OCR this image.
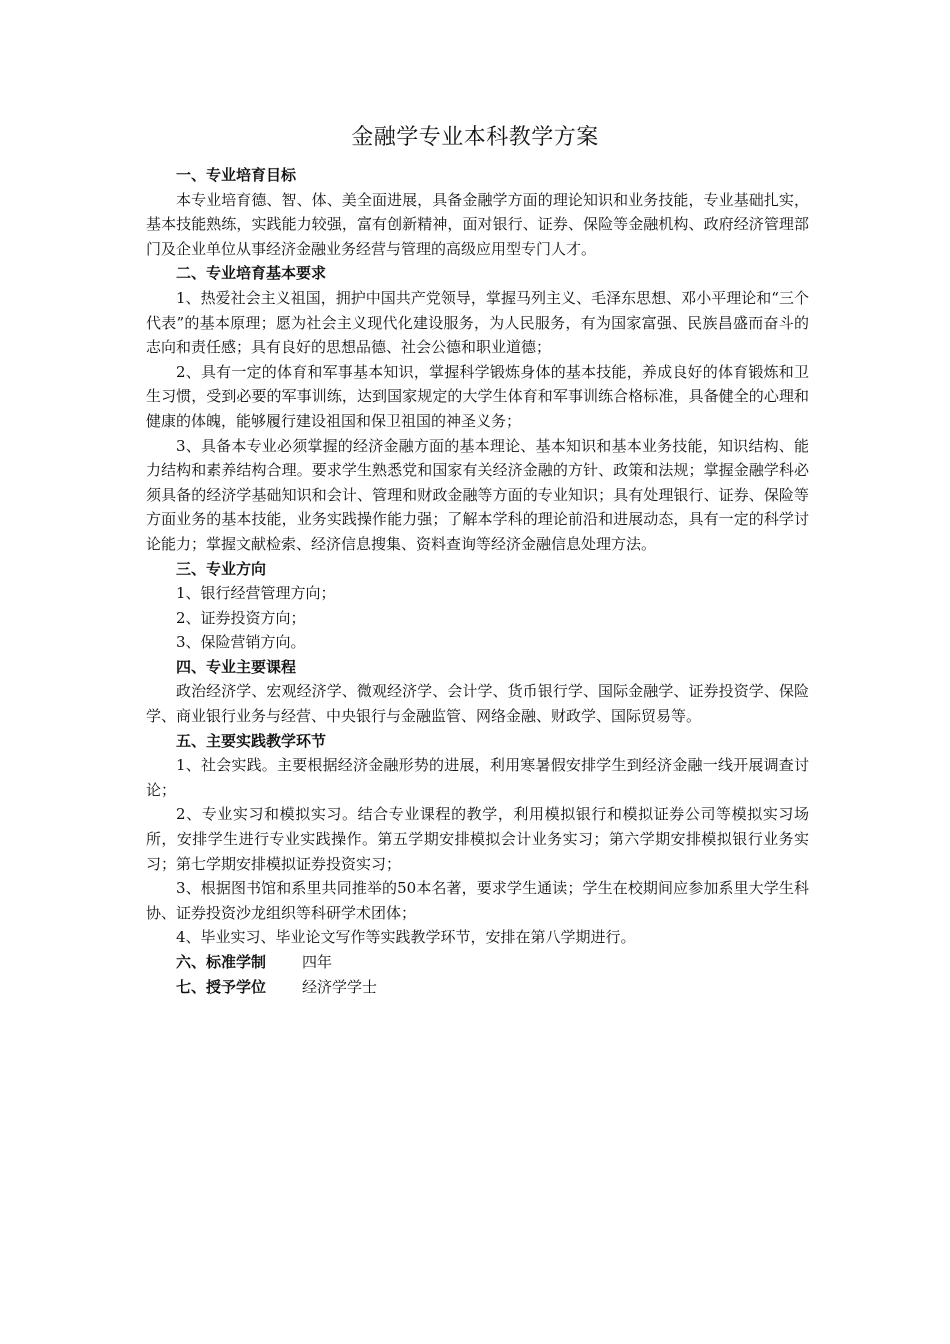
金融学专业本科教学方案

一、专业培育目标

本专业培育德、智、体、美全面进展，具备金融学方面的理论知识和业务技能，专业基础扎实，基本技能熟练，实践能力较强，富有创新精神，面对银行、证券、保险等金融机构、政府经济管理部门及企业单位从事经济金融业务经营与管理的高级应用型专门人才。

二、专业培育基本要求

1、热爱社会主义祖国，拥护中国共产党领导，掌握马列主义、毛泽东思想、邓小平理论和“三个代表”的基本原理；愿为社会主义现代化建设服务，为人民服务，有为国家富强、民族昌盛而奋斗的志向和责任感；具有良好的思想品德、社会公德和职业道德；

2、具有一定的体育和军事基本知识，掌握科学锻炼身体的基本技能，养成良好的体育锻炼和卫生习惯，受到必要的军事训练，达到国家规定的大学生体育和军事训练合格标准，具备健全的心理和健康的体魄，能够履行建设祖国和保卫祖国的神圣义务；

3、具备本专业必须掌握的经济金融方面的基本理论、基本知识和基本业务技能，知识结构、能力结构和素养结构合理。要求学生熟悉党和国家有关经济金融的方针、政策和法规；掌握金融学科必须具备的经济学基础知识和会计、管理和财政金融等方面的专业知识；具有处理银行、证券、保险等方面业务的基本技能，业务实践操作能力强；了解本学科的理论前沿和进展动态，具有一定的科学讨论能力；掌握文献检索、经济信息搜集、资料查询等经济金融信息处理方法。

三、专业方向

1、银行经营管理方向；

2、证券投资方向；

3、保险营销方向。

四、专业主要课程

政治经济学、宏观经济学、微观经济学、会计学、货币银行学、国际金融学、证券投资学、保险学、商业银行业务与经营、中央银行与金融监管、网络金融、财政学、国际贸易等。

五、主要实践教学环节

1、社会实践。主要根据经济金融形势的进展，利用寒暑假安排学生到经济金融一线开展调查讨论；

2、专业实习和模拟实习。结合专业课程的教学，利用模拟银行和模拟证券公司等模拟实习场所，安排学生进行专业实践操作。第五学期安排模拟会计业务实习；第六学期安排模拟银行业务实习；第七学期安排模拟证券投资实习；

3、根据图书馆和系里共同推举的50本名著，要求学生通读；学生在校期间应参加系里大学生科协、证券投资沙龙组织等科研学术团体；

4、毕业实习、毕业论文写作等实践教学环节，安排在第八学期进行。

六、标准学制 四年

七、授予学位 经济学学士
